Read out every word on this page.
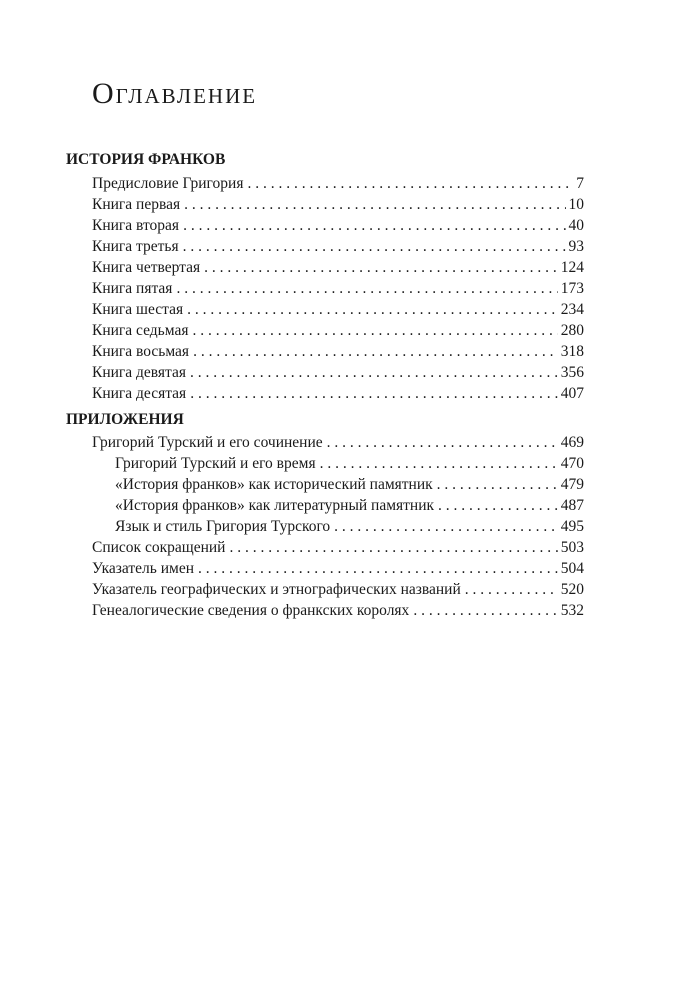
Оглавление
ИСТОРИЯ ФРАНКОВ
Предисловие Григория . . .	7
Книга первая . . .	10
Книга вторая . . .	40
Книга третья . . .	93
Книга четвертая . . .	124
Книга пятая . . .	173
Книга шестая . . .	234
Книга седьмая . . .	280
Книга восьмая . . .	318
Книга девятая . . .	356
Книга десятая . . .	407
ПРИЛОЖЕНИЯ
Григорий Турский и его сочинение . . .	469
Григорий Турский и его время . . .	470
«История франков» как исторический памятник . . .	479
«История франков» как литературный памятник . . .	487
Язык и стиль Григория Турского . . .	495
Список сокращений . . .	503
Указатель имен . . .	504
Указатель географических и этнографических названий . . .	520
Генеалогические сведения о франкских королях . . .	532
